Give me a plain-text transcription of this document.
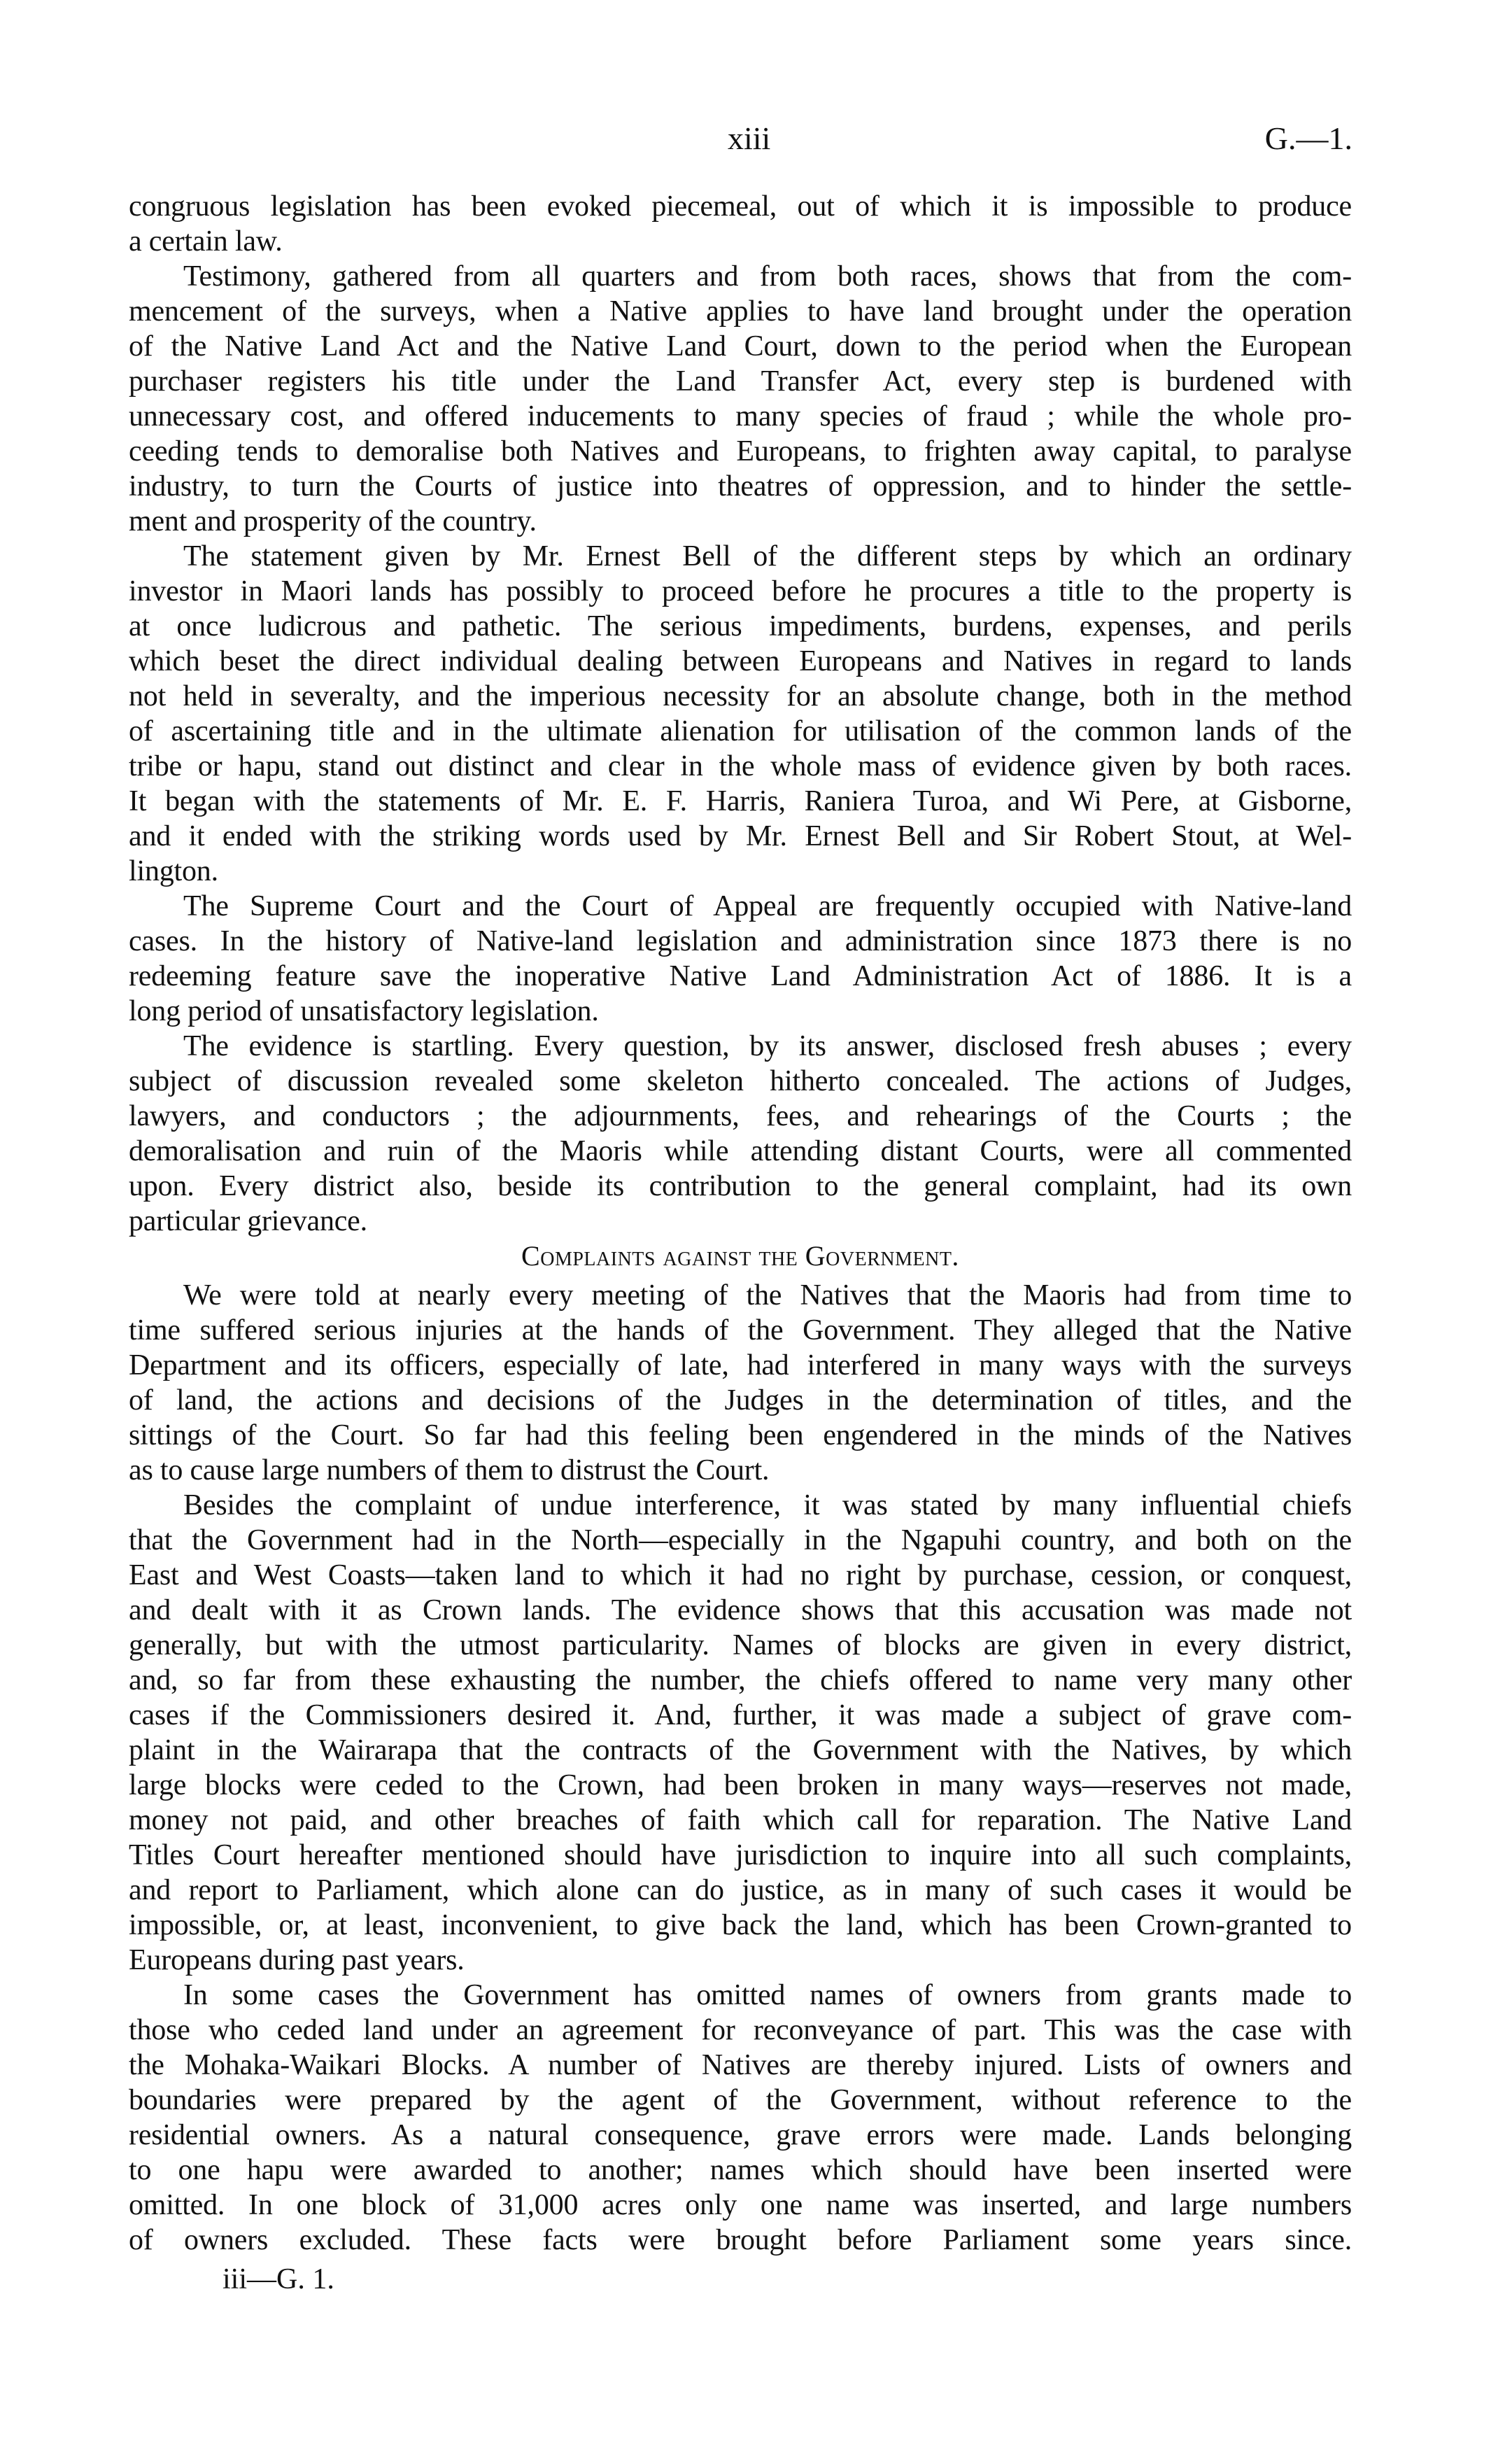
xiii	G.—1.
congruous legislation has been evoked piecemeal, out of which it is impossible to produce
a certain law.
Testimony, gathered from all quarters and from both races, shows that from the com-
mencement of the surveys, when a Native applies to have land brought under the operation
of the Native Land Act and the Native Land Court, down to the period when the European
purchaser registers his title under the Land Transfer Act, every step is burdened with
unnecessary cost, and offered inducements to many species of fraud ; while the whole pro-
ceeding tends to demoralise both Natives and Europeans, to frighten away capital, to paralyse
industry, to turn the Courts of justice into theatres of oppression, and to hinder the settle-
ment and prosperity of the country.
The statement given by Mr. Ernest Bell of the different steps by which an ordinary
investor in Maori lands has possibly to proceed before he procures a title to the property is
at once ludicrous and pathetic. The serious impediments, burdens, expenses, and perils
which beset the direct individual dealing between Europeans and Natives in regard to lands
not held in severalty, and the imperious necessity for an absolute change, both in the method
of ascertaining title and in the ultimate alienation for utilisation of the common lands of the
tribe or hapu, stand out distinct and clear in the whole mass of evidence given by both races.
It began with the statements of Mr. E. F. Harris, Raniera Turoa, and Wi Pere, at Gisborne,
and it ended with the striking words used by Mr. Ernest Bell and Sir Robert Stout, at Wel-
lington.
The Supreme Court and the Court of Appeal are frequently occupied with Native-land
cases. In the history of Native-land legislation and administration since 1873 there is no
redeeming feature save the inoperative Native Land Administration Act of 1886. It is a
long period of unsatisfactory legislation.
The evidence is startling. Every question, by its answer, disclosed fresh abuses ; every
subject of discussion revealed some skeleton hitherto concealed. The actions of Judges,
lawyers, and conductors ; the adjournments, fees, and rehearings of the Courts ; the
demoralisation and ruin of the Maoris while attending distant Courts, were all commented
upon. Every district also, beside its contribution to the general complaint, had its own
particular grievance.
Complaints against the Government.
We were told at nearly every meeting of the Natives that the Maoris had from time to
time suffered serious injuries at the hands of the Government. They alleged that the Native
Department and its officers, especially of late, had interfered in many ways with the surveys
of land, the actions and decisions of the Judges in the determination of titles, and the
sittings of the Court. So far had this feeling been engendered in the minds of the Natives
as to cause large numbers of them to distrust the Court.
Besides the complaint of undue interference, it was stated by many influential chiefs
that the Government had in the North—especially in the Ngapuhi country, and both on the
East and West Coasts—taken land to which it had no right by purchase, cession, or conquest,
and dealt with it as Crown lands. The evidence shows that this accusation was made not
generally, but with the utmost particularity. Names of blocks are given in every district,
and, so far from these exhausting the number, the chiefs offered to name very many other
cases if the Commissioners desired it. And, further, it was made a subject of grave com-
plaint in the Wairarapa that the contracts of the Government with the Natives, by which
large blocks were ceded to the Crown, had been broken in many ways—reserves not made,
money not paid, and other breaches of faith which call for reparation. The Native Land
Titles Court hereafter mentioned should have jurisdiction to inquire into all such complaints,
and report to Parliament, which alone can do justice, as in many of such cases it would be
impossible, or, at least, inconvenient, to give back the land, which has been Crown-granted to
Europeans during past years.
In some cases the Government has omitted names of owners from grants made to
those who ceded land under an agreement for reconveyance of part. This was the case with
the Mohaka-Waikari Blocks. A number of Natives are thereby injured. Lists of owners and
boundaries were prepared by the agent of the Government, without reference to the
residential owners. As a natural consequence, grave errors were made. Lands belonging
to one hapu were awarded to another; names which should have been inserted were
omitted. In one block of 31,000 acres only one name was inserted, and large numbers
of owners excluded. These facts were brought before Parliament some years since.
iii—G. 1.
